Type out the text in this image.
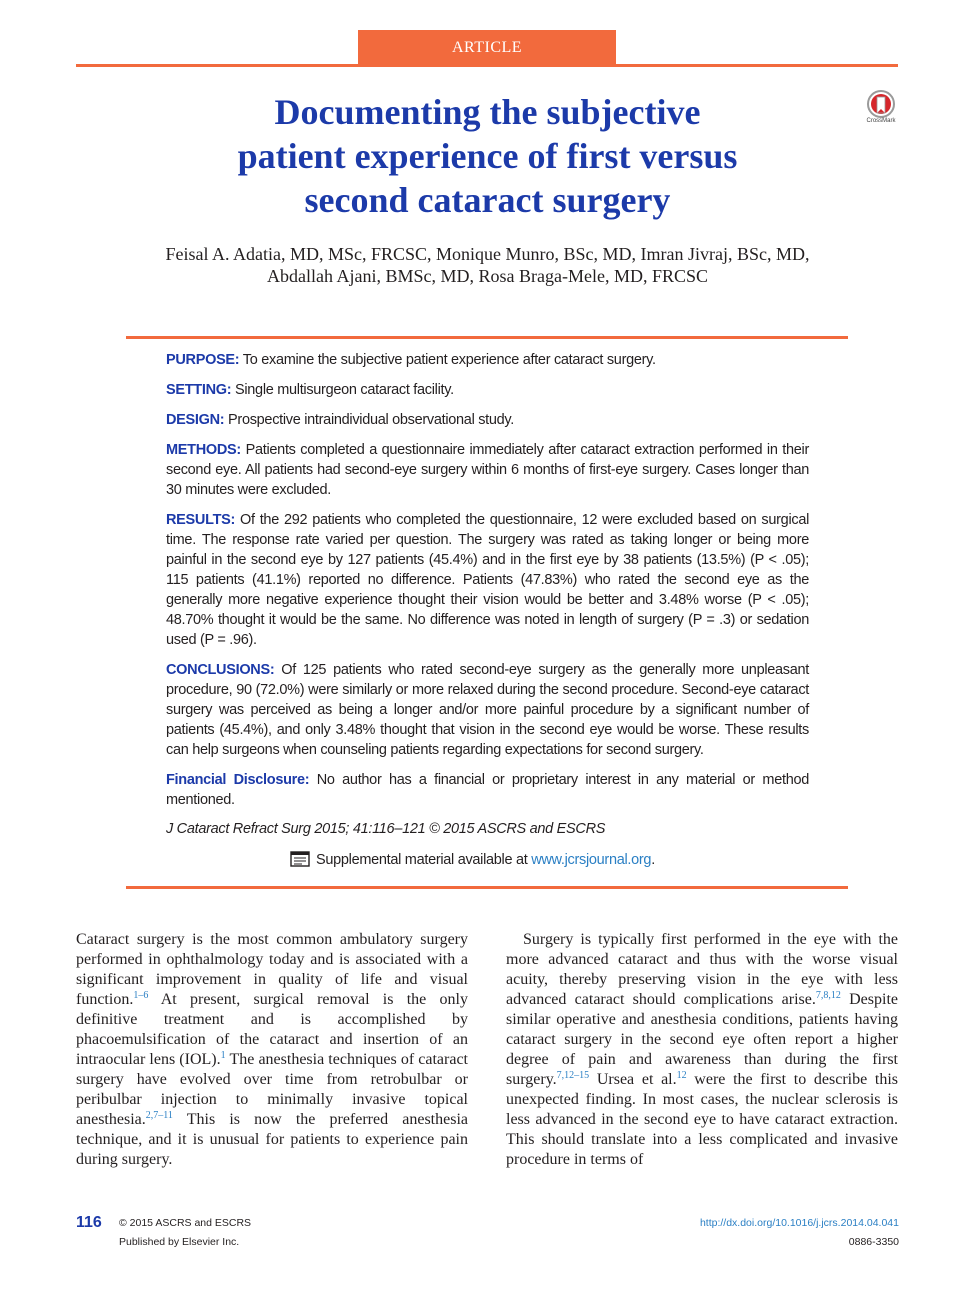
ARTICLE
Documenting the subjective
patient experience of first versus
second cataract surgery
CrossMark
Feisal A. Adatia, MD, MSc, FRCSC, Monique Munro, BSc, MD, Imran Jivraj, BSc, MD,
Abdallah Ajani, BMSc, MD, Rosa Braga-Mele, MD, FRCSC

PURPOSE: To examine the subjective patient experience after cataract surgery.

SETTING: Single multisurgeon cataract facility.

DESIGN: Prospective intraindividual observational study.

METHODS: Patients completed a questionnaire immediately after cataract extraction performed in their second eye. All patients had second-eye surgery within 6 months of first-eye surgery. Cases longer than 30 minutes were excluded.

RESULTS: Of the 292 patients who completed the questionnaire, 12 were excluded based on surgical time. The response rate varied per question. The surgery was rated as taking longer or being more painful in the second eye by 127 patients (45.4%) and in the first eye by 38 patients (13.5%) (P < .05); 115 patients (41.1%) reported no difference. Patients (47.83%) who rated the second eye as the generally more negative experience thought their vision would be better and 3.48% worse (P < .05); 48.70% thought it would be the same. No difference was noted in length of surgery (P = .3) or sedation used (P = .96).

CONCLUSIONS: Of 125 patients who rated second-eye surgery as the generally more unpleasant procedure, 90 (72.0%) were similarly or more relaxed during the second procedure. Second-eye cataract surgery was perceived as being a longer and/or more painful procedure by a significant number of patients (45.4%), and only 3.48% thought that vision in the second eye would be worse. These results can help surgeons when counseling patients regarding expectations for second surgery.

Financial Disclosure: No author has a financial or proprietary interest in any material or method mentioned.

J Cataract Refract Surg 2015; 41:116–121 © 2015 ASCRS and ESCRS
Supplemental material available at www.jcrsjournal.org.
Cataract surgery is the most common ambulatory surgery performed in ophthalmology today and is associated with a significant improvement in quality of life and visual function.$^{1-6}$ At present, surgical removal is the only definitive treatment and is accomplished by phacoemulsification of the cataract and insertion of an intraocular lens (IOL).$^1$ The anesthesia techniques of cataract surgery have evolved over time from retrobulbar or peribulbar injection to minimally invasive topical anesthesia.$^{2,7-11}$ This is now the preferred anesthesia technique, and it is unusual for patients to experience pain during surgery.
Surgery is typically first performed in the eye with the more advanced cataract and thus with the worse visual acuity, thereby preserving vision in the eye with less advanced cataract should complications arise.$^{7,8,12}$ Despite similar operative and anesthesia conditions, patients having cataract surgery in the second eye often report a higher degree of pain and awareness than during the first surgery.$^{7,12-15}$ Ursea et al.$^{12}$ were the first to describe this unexpected finding. In most cases, the nuclear sclerosis is less advanced in the second eye to have cataract extraction. This should translate into a less complicated and invasive procedure in terms of
116 © 2015 ASCRS and ESCRS
Published by Elsevier Inc.
http://dx.doi.org/10.1016/j.jcrs.2014.04.041
0886-3350
